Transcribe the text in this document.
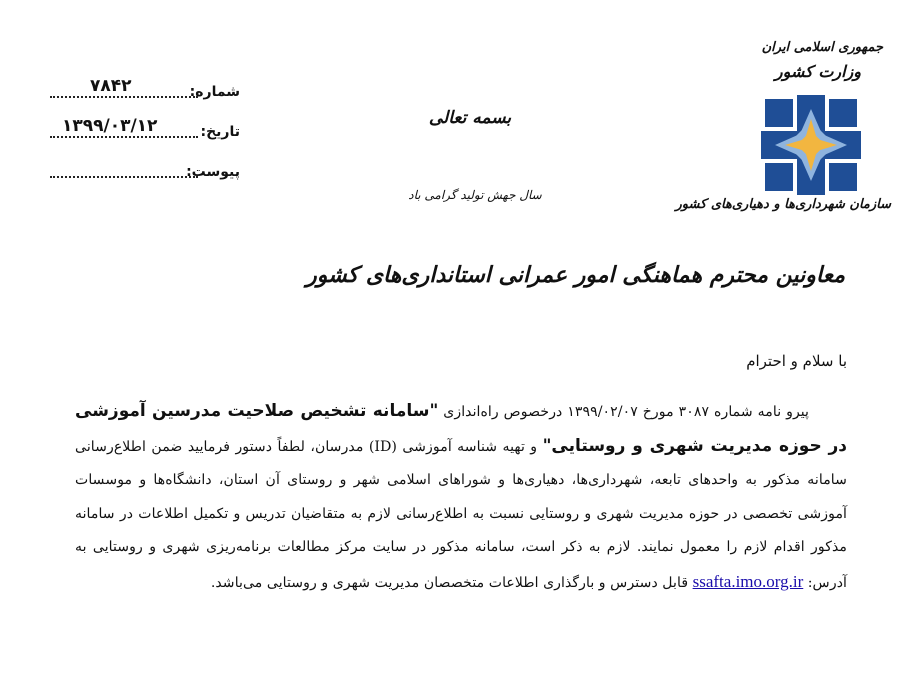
شماره:
۷۸۴۲
تاریخ:
۱۳۹۹/۰۳/۱۲
پیوست:
بسمه تعالی
سال جهش تولید گرامی باد
جمهوری اسلامی ایران
وزارت کشور
سازمان شهرداری‌ها و دهیاری‌های کشور
معاونین محترم هماهنگی امور عمرانی استانداری‌های کشور
با سلام و احترام
پیرو نامه شماره ۳۰۸۷ مورخ ۱۳۹۹/۰۲/۰۷ درخصوص راه‌اندازی "سامانه تشخیص صلاحیت مدرسین آموزشی در حوزه مدیریت شهری و روستایی" و تهیه شناسه آموزشی (ID) مدرسان، لطفاً دستور فرمایید ضمن اطلاع‌رسانی سامانه مذکور به واحدهای تابعه، شهرداری‌ها، دهیاری‌ها و شوراهای اسلامی شهر و روستای آن استان، دانشگاه‌ها و موسسات آموزشی تخصصی در حوزه مدیریت شهری و روستایی نسبت به اطلاع‌رسانی لازم به متقاضیان تدریس و تکمیل اطلاعات در سامانه مذکور اقدام لازم را معمول نمایند. لازم به ذکر است، سامانه مذکور در سایت مرکز مطالعات برنامه‌ریزی شهری و روستایی به آدرس: ssafta.imo.org.ir قابل دسترس و بارگذاری اطلاعات متخصصان مدیریت شهری و روستایی می‌باشد.
